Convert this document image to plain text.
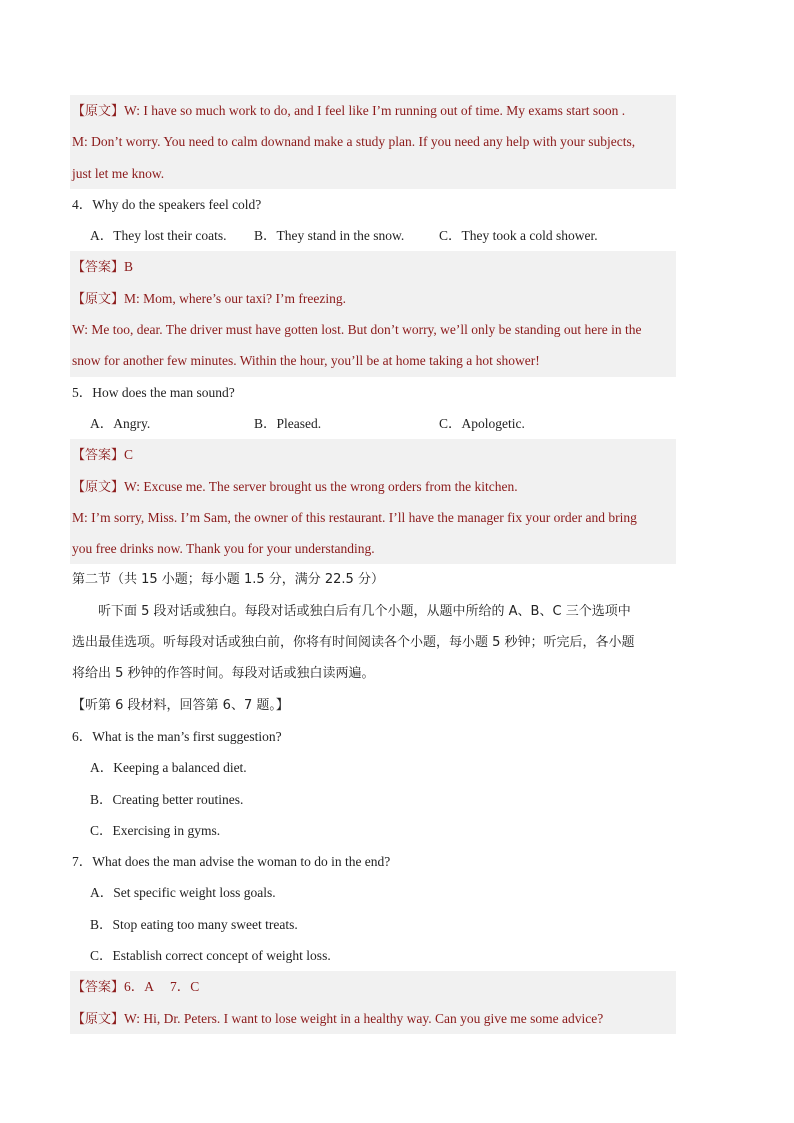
【原文】W: I have so much work to do, and I feel like I’m running out of time. My exams start soon .
M: Don’t worry. You need to calm downand make a study plan. If you need any help with your subjects,
just let me know.
4．Why do the speakers feel cold?
A．They lost their coats. B．They stand in the snow.	C．They took a cold shower.
【答案】B
【原文】M: Mom, where’s our taxi? I’m freezing.
W: Me too, dear. The driver must have gotten lost. But don’t worry, we’ll only be standing out here in the
snow for another few minutes. Within the hour, you’ll be at home taking a hot shower!
5．How does the man sound?
A．Angry.	B．Pleased.	C．Apologetic.
【答案】C
【原文】W: Excuse me. The server brought us the wrong orders from the kitchen.
M: I’m sorry, Miss. I’m Sam, the owner of this restaurant. I’ll have the manager fix your order and bring
you free drinks now. Thank you for your understanding.
第二节（共 15 小题；每小题 1.5 分，满分 22.5 分）
听下面 5 段对话或独白。每段对话或独白后有几个小题，从题中所给的 A、B、C 三个选项中
选出最佳选项。听每段对话或独白前，你将有时间阅读各个小题，每小题 5 秒钟；听完后，各小题
将给出 5 秒钟的作答时间。每段对话或独白读两遍。
【听第 6 段材料，回答第 6、7 题。】
6．What is the man’s first suggestion?
A．Keeping a balanced diet.
B．Creating better routines.
C．Exercising in gyms.
7．What does the man advise the woman to do in the end?
A．Set specific weight loss goals.
B．Stop eating too many sweet treats.
C．Establish correct concept of weight loss.
【答案】6．A 7．C
【原文】W: Hi, Dr. Peters. I want to lose weight in a healthy way. Can you give me some advice?
